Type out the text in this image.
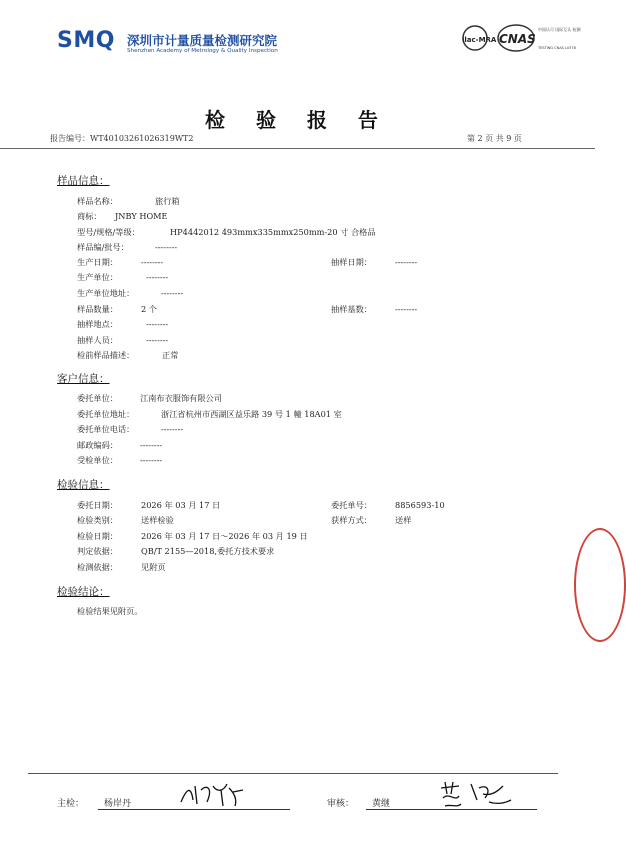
SMQ 深圳市计量质量检测研究院
Shenzhen Academy of Metrology & Quality Inspection
ilac-MRA CNAS
中国认可 国际互认 检测
TESTING CNAS L0378
检 验 报 告
报告编号：WT40103261026319WT2	第 2 页 共 9 页
样品信息：
样品名称：	旅行箱
商标： JNBY HOME
型号/规格/等级：	HP4442012 493mmx335mmx250mm-20 寸 合格品
样品编/批号：	--------
生产日期：	--------	抽样日期：	--------
生产单位：	--------
生产单位地址：	--------
样品数量：	2 个	抽样基数：	--------
抽样地点：	--------
抽样人员：	--------
检前样品描述：	正常
客户信息：
委托单位：	江南布衣服饰有限公司
委托单位地址：	浙江省杭州市西湖区益乐路 39 号 1 幢 18A01 室
委托单位电话：	--------
邮政编码：	--------
受检单位：	--------
检验信息：
委托日期：	2026 年 03 月 17 日	委托单号：	8856593-10
检验类别：	送样检验	获样方式：	送样
检验日期：	2026 年 03 月 17 日～2026 年 03 月 19 日
判定依据：	QB/T 2155—2018,委托方技术要求
检测依据：	见附页
检验结论：
检验结果见附页。
主检： 杨岸丹	审核： 黄继
